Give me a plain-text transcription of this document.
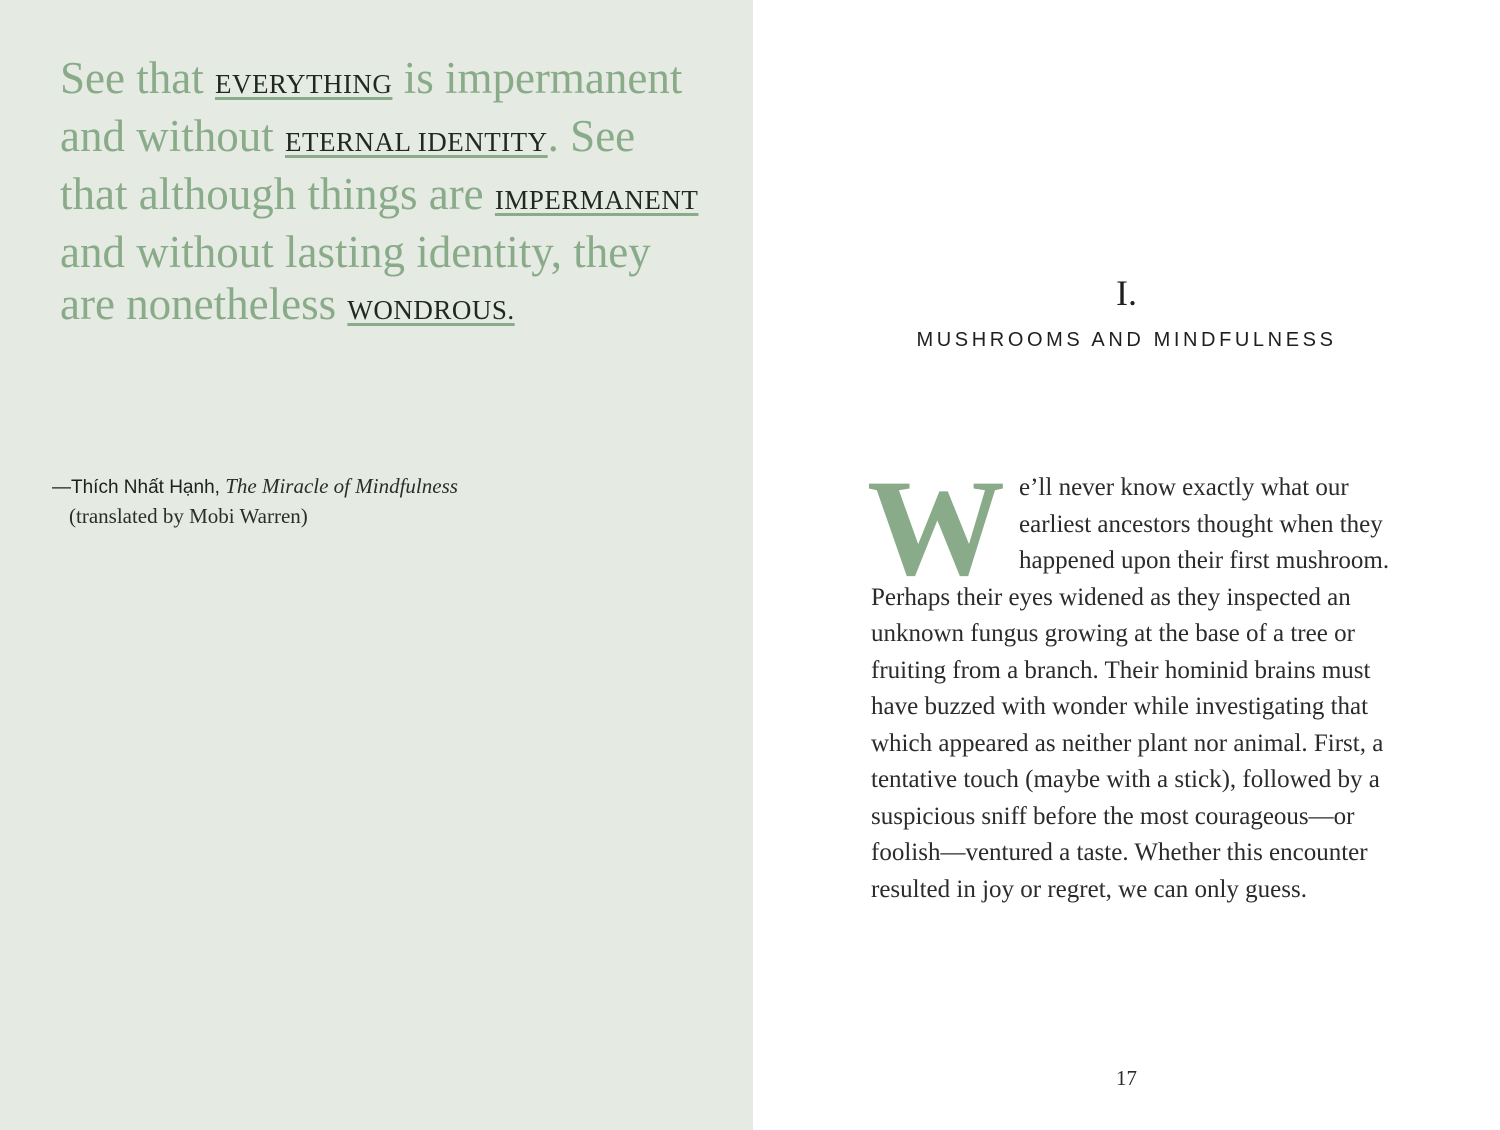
See that EVERYTHING is impermanent and without ETERNAL IDENTITY. See that although things are IMPERMANENT and without lasting identity, they are nonetheless WONDROUS.

—Thích Nhất Hạnh, The Miracle of Mindfulness
(translated by Mobi Warren)
I.
MUSHROOMS AND MINDFULNESS

We’ll never know exactly what our earliest ancestors thought when they happened upon their first mushroom. Perhaps their eyes widened as they inspected an unknown fungus growing at the base of a tree or fruiting from a branch. Their hominid brains must have buzzed with wonder while investigating that which appeared as neither plant nor animal. First, a tentative touch (maybe with a stick), followed by a suspicious sniff before the most courageous—or foolish—ventured a taste. Whether this encounter resulted in joy or regret, we can only guess.

17
